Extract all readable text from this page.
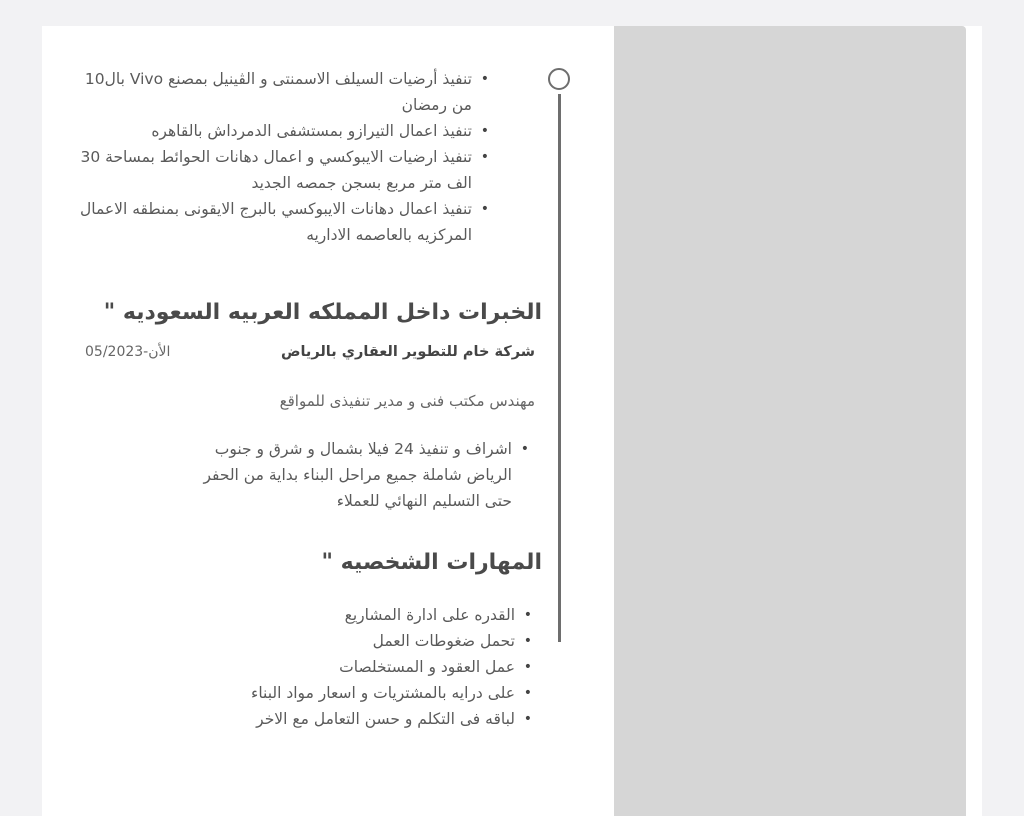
• تنفيذ أرضيات السيلف الاسمنتى و الڤينيل بمصنع Vivo بال10 من رمضان
• تنفيذ اعمال التيرازو بمستشفى الدمرداش بالقاهره
• تنفيذ ارضيات الايبوكسي و اعمال دهانات الحوائط بمساحة 30 الف متر مربع بسجن جمصه الجديد
• تنفيذ اعمال دهانات الايبوكسي بالبرج الايقونى بمنطقه الاعمال المركزيه بالعاصمه الاداريه
الخبرات داخل المملكه العربيه السعوديه "
شركة خام للتطوير العقاري بالرياض
05/2023-الأن
مهندس مكتب فنى و مدير تنفيذى للمواقع
• اشراف و تنفيذ 24 فيلا بشمال و شرق و جنوب الرياض شاملة جميع مراحل البناء بداية من الحفر حتى التسليم النهائي للعملاء
المهارات الشخصيه "
• القدره على ادارة المشاريع
• تحمل ضغوطات العمل
• عمل العقود و المستخلصات
• على درايه بالمشتريات و اسعار مواد البناء
• لباقه فى التكلم و حسن التعامل مع الاخر
